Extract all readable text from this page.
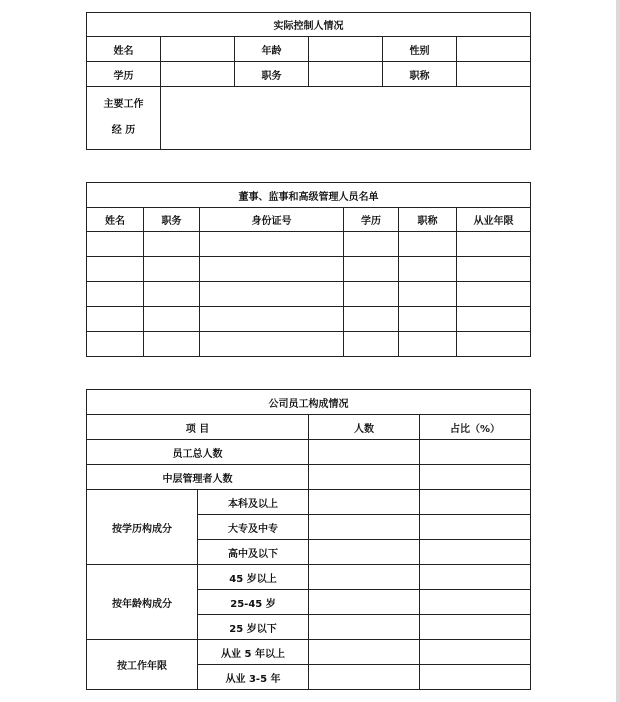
实际控制人情况					
姓名		年龄		性别	
学历		职务		职称	

主要工作
经 历					

董事、监事和高级管理人员名单					
姓名	职务	身份证号	学历	职称	从业年限

公司员工构成情况			
项 目		人数	占比（%）
员工总人数			
中层管理者人数			
按学历构成分	本科及以上		
	大专及中专		
	高中及以下		
按年龄构成分	45 岁以上		
	25-45 岁		
	25 岁以下		
按工作年限	从业 5 年以上		
	从业 3-5 年		
